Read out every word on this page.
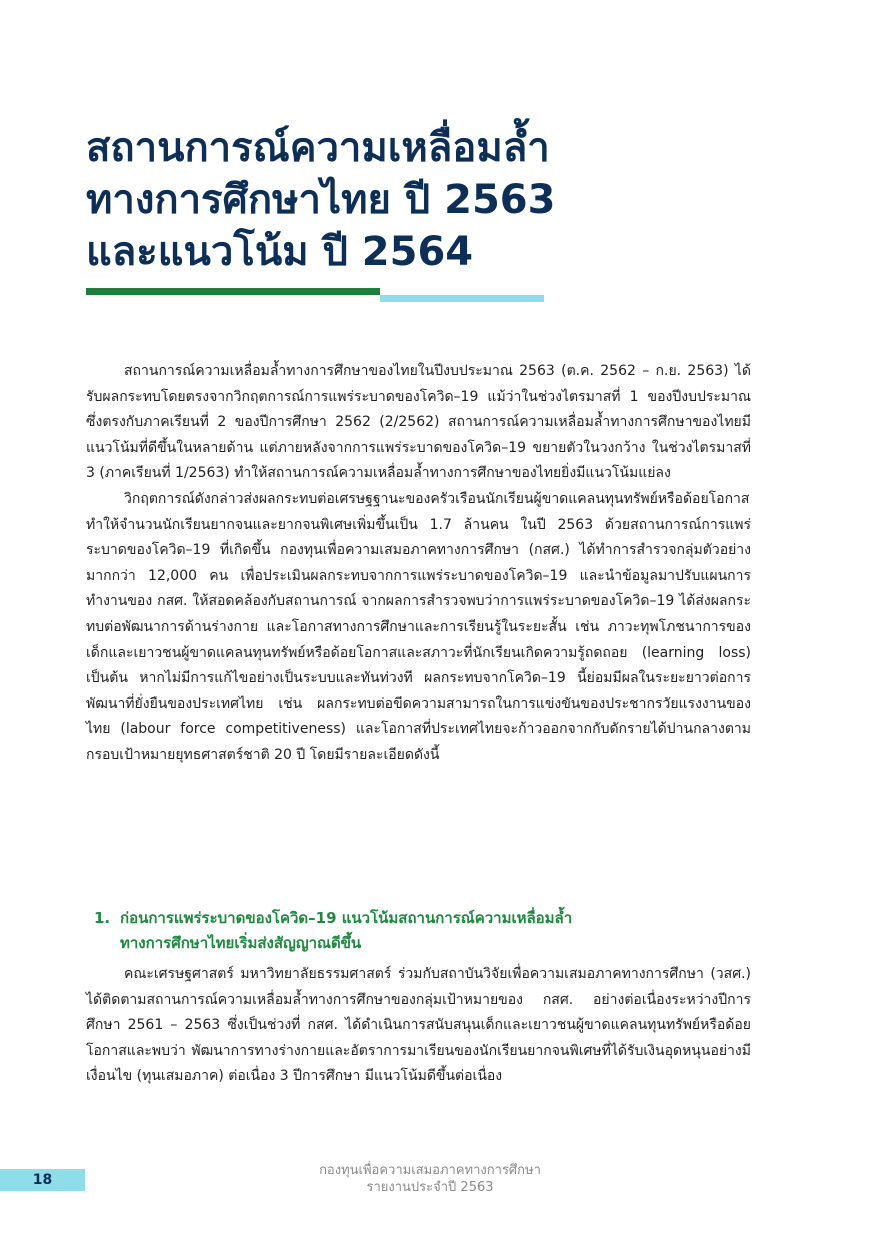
สถานการณ์ความเหลื่อมล้ำ
ทางการศึกษาไทย ปี 2563
และแนวโน้ม ปี 2564

สถานการณ์ความเหลื่อมล้ำทางการศึกษาของไทยในปีงบประมาณ 2563 (ต.ค. 2562 – ก.ย. 2563) ได้รับผลกระทบโดยตรงจากวิกฤตการณ์การแพร่ระบาดของโควิด–19 แม้ว่าในช่วงไตรมาสที่ 1 ของปีงบประมาณ ซึ่งตรงกับภาคเรียนที่ 2 ของปีการศึกษา 2562 (2/2562) สถานการณ์ความเหลื่อมล้ำทางการศึกษาของไทยมีแนวโน้มที่ดีขึ้นในหลายด้าน แต่ภายหลังจากการแพร่ระบาดของโควิด–19 ขยายตัวในวงกว้าง ในช่วงไตรมาสที่ 3 (ภาคเรียนที่ 1/2563) ทำให้สถานการณ์ความเหลื่อมล้ำทางการศึกษาของไทยยิ่งมีแนวโน้มแย่ลง

วิกฤตการณ์ดังกล่าวส่งผลกระทบต่อเศรษฐฐานะของครัวเรือนนักเรียนผู้ขาดแคลนทุนทรัพย์หรือด้อยโอกาส ทำให้จำนวนนักเรียนยากจนและยากจนพิเศษเพิ่มขึ้นเป็น 1.7 ล้านคน ในปี 2563 ด้วยสถานการณ์การแพร่ระบาดของโควิด–19 ที่เกิดขึ้น กองทุนเพื่อความเสมอภาคทางการศึกษา (กสศ.) ได้ทำการสำรวจกลุ่มตัวอย่างมากกว่า 12,000 คน เพื่อประเมินผลกระทบจากการแพร่ระบาดของโควิด–19 และนำข้อมูลมาปรับแผนการทำงานของ กสศ. ให้สอดคล้องกับสถานการณ์ จากผลการสำรวจพบว่าการแพร่ระบาดของโควิด–19 ได้ส่งผลกระทบต่อพัฒนาการด้านร่างกาย และโอกาสทางการศึกษาและการเรียนรู้ในระยะสั้น เช่น ภาวะทุพโภชนาการของเด็กและเยาวชนผู้ขาดแคลนทุนทรัพย์หรือด้อยโอกาสและสภาวะที่นักเรียนเกิดความรู้ถดถอย (learning loss) เป็นต้น หากไม่มีการแก้ไขอย่างเป็นระบบและทันท่วงที ผลกระทบจากโควิด–19 นี้ย่อมมีผลในระยะยาวต่อการพัฒนาที่ยั่งยืนของประเทศไทย เช่น ผลกระทบต่อขีดความสามารถในการแข่งขันของประชากรวัยแรงงานของไทย (labour force competitiveness) และโอกาสที่ประเทศไทยจะก้าวออกจากกับดักรายได้ปานกลางตามกรอบเป้าหมายยุทธศาสตร์ชาติ 20 ปี โดยมีรายละเอียดดังนี้

1. ก่อนการแพร่ระบาดของโควิด–19 แนวโน้มสถานการณ์ความเหลื่อมล้ำ
ทางการศึกษาไทยเริ่มส่งสัญญาณดีขึ้น

คณะเศรษฐศาสตร์ มหาวิทยาลัยธรรมศาสตร์ ร่วมกับสถาบันวิจัยเพื่อความเสมอภาคทางการศึกษา (วสศ.) ได้ติดตามสถานการณ์ความเหลื่อมล้ำทางการศึกษาของกลุ่มเป้าหมายของ กสศ. อย่างต่อเนื่องระหว่างปีการศึกษา 2561 – 2563 ซึ่งเป็นช่วงที่ กสศ. ได้ดำเนินการสนับสนุนเด็กและเยาวชนผู้ขาดแคลนทุนทรัพย์หรือด้อยโอกาสและพบว่า พัฒนาการทางร่างกายและอัตราการมาเรียนของนักเรียนยากจนพิเศษที่ได้รับเงินอุดหนุนอย่างมีเงื่อนไข (ทุนเสมอภาค) ต่อเนื่อง 3 ปีการศึกษา มีแนวโน้มดีขึ้นต่อเนื่อง

18
กองทุนเพื่อความเสมอภาคทางการศึกษา
รายงานประจำปี 2563
